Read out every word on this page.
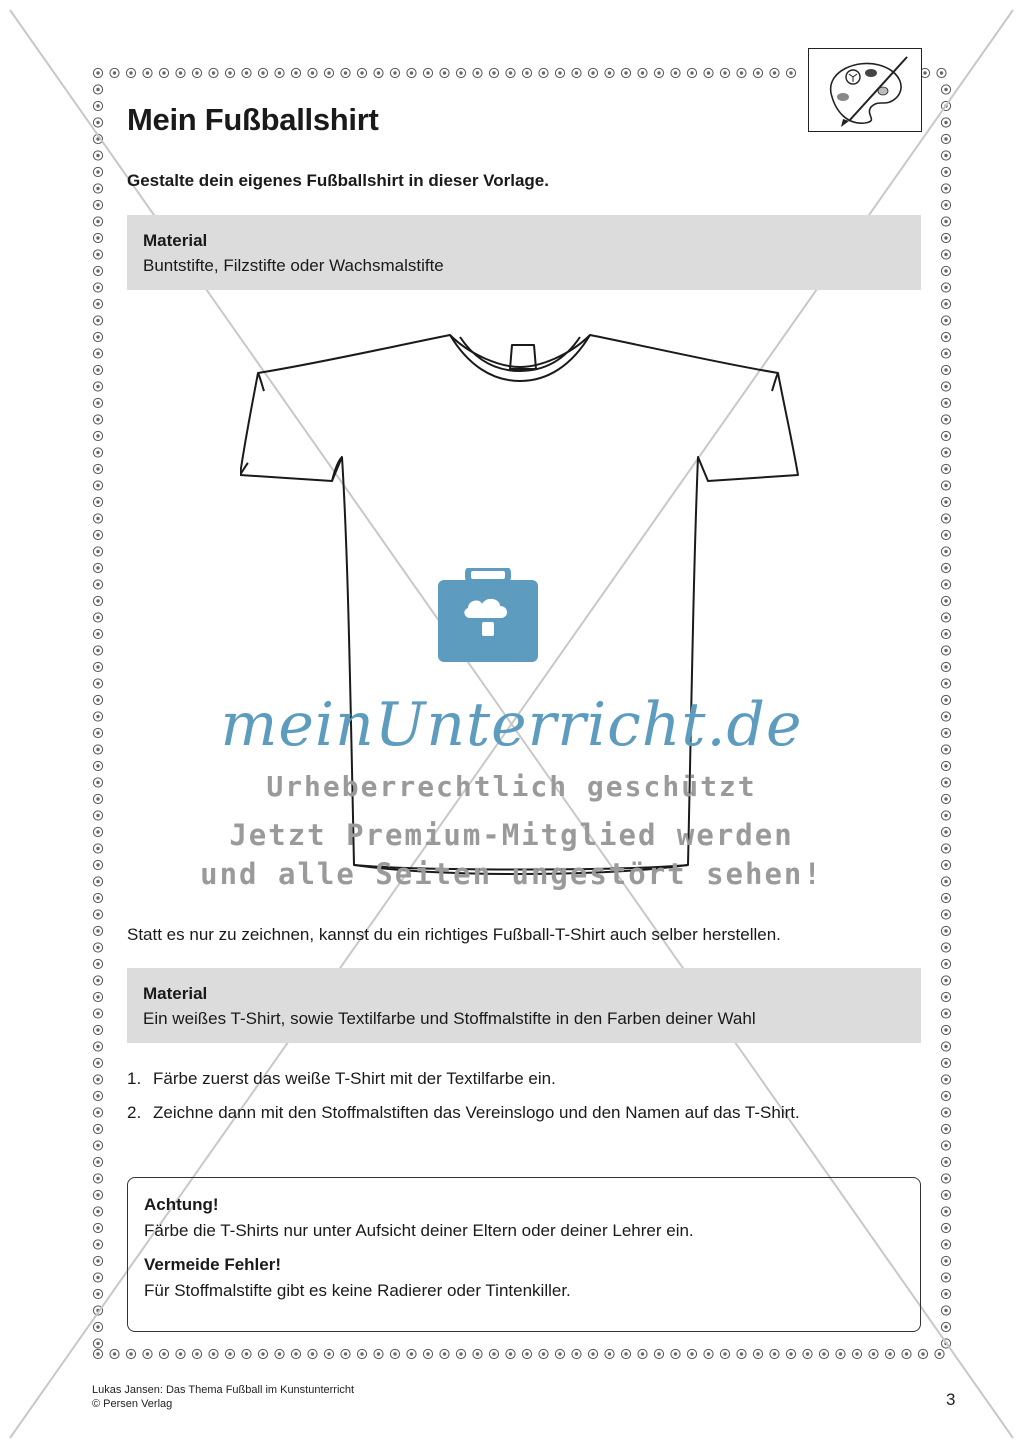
Mein Fußballshirt
Gestalte dein eigenes Fußballshirt in dieser Vorlage.
Material
Buntstifte, Filzstifte oder Wachsmalstifte
meinUnterricht.de
Urheberrechtlich geschützt
Jetzt Premium-Mitglied werden
und alle Seiten ungestört sehen!
Statt es nur zu zeichnen, kannst du ein richtiges Fußball-T-Shirt auch selber herstellen.
Material
Ein weißes T-Shirt, sowie Textilfarbe und Stoffmalstifte in den Farben deiner Wahl
1. Färbe zuerst das weiße T-Shirt mit der Textilfarbe ein.
2. Zeichne dann mit den Stoffmalstiften das Vereinslogo und den Namen auf das T-Shirt.
Achtung!
Färbe die T-Shirts nur unter Aufsicht deiner Eltern oder deiner Lehrer ein.
Vermeide Fehler!
Für Stoffmalstifte gibt es keine Radierer oder Tintenkiller.
Lukas Jansen: Das Thema Fußball im Kunstunterricht
© Persen Verlag	3
